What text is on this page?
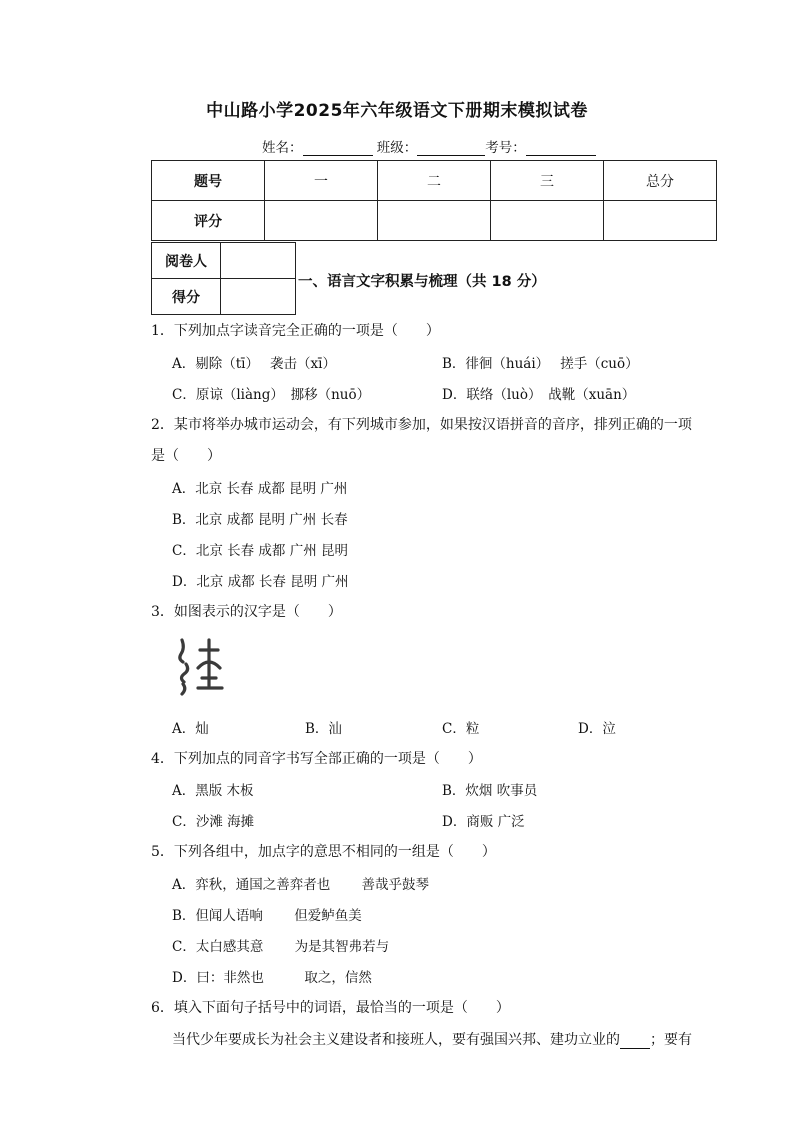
中山路小学2025年六年级语文下册期末模拟试卷
姓名：	班级：	考号：
题号	一	二	三	总分
评分				
阅卷人	
得分	
一、语言文字积累与梳理（共 18 分）
1．下列加点字读音完全正确的一项是（　　）
A．剔除（tī）　 袭击（xī）	B．徘徊（huái）　 搓手（cuō）
C．原谅（liàng）　挪移（nuō）	D．联络（luò）　战靴（xuān）
2．某市将举办城市运动会，有下列城市参加，如果按汉语拼音的音序，排列正确的一项
是（　　）
A．北京 长春 成都 昆明 广州
B．北京 成都 昆明 广州 长春
C．北京 长春 成都 广州 昆明
D．北京 成都 长春 昆明 广州
3．如图表示的汉字是（　　）
A．灿	B．汕	C．粒	D．泣
4．下列加点的同音字书写全部正确的一项是（　　）
A．黑版 木板	B．炊烟 吹事员
C．沙滩 海摊	D．商贩 广泛
5．下列各组中，加点字的意思不相同的一组是（　　）
A．弈秋，通国之善弈者也　　 善哉乎鼓琴
B．但闻人语响　　 但爱鲈鱼美
C．太白感其意　　 为是其智弗若与
D．曰：非然也　　　取之，信然
6．填入下面句子括号中的词语，最恰当的一项是（　　）
当代少年要成长为社会主义建设者和接班人，要有强国兴邦、建功立业的 ；要有
